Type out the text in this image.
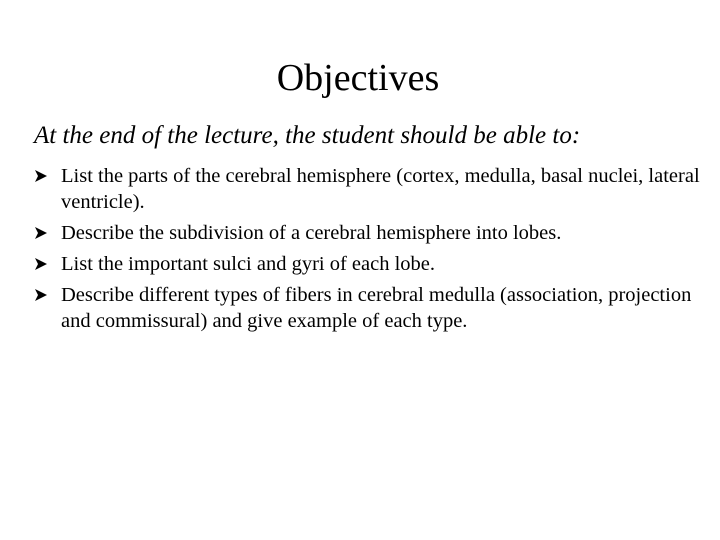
Objectives

At the end of the lecture, the student should be able to:

List the parts of the cerebral hemisphere (cortex, medulla, basal nuclei, lateral ventricle).
Describe the subdivision of a cerebral hemisphere into lobes.
List the important sulci and gyri of each lobe.
Describe different types of fibers in cerebral medulla (association, projection and commissural) and give example of each type.
